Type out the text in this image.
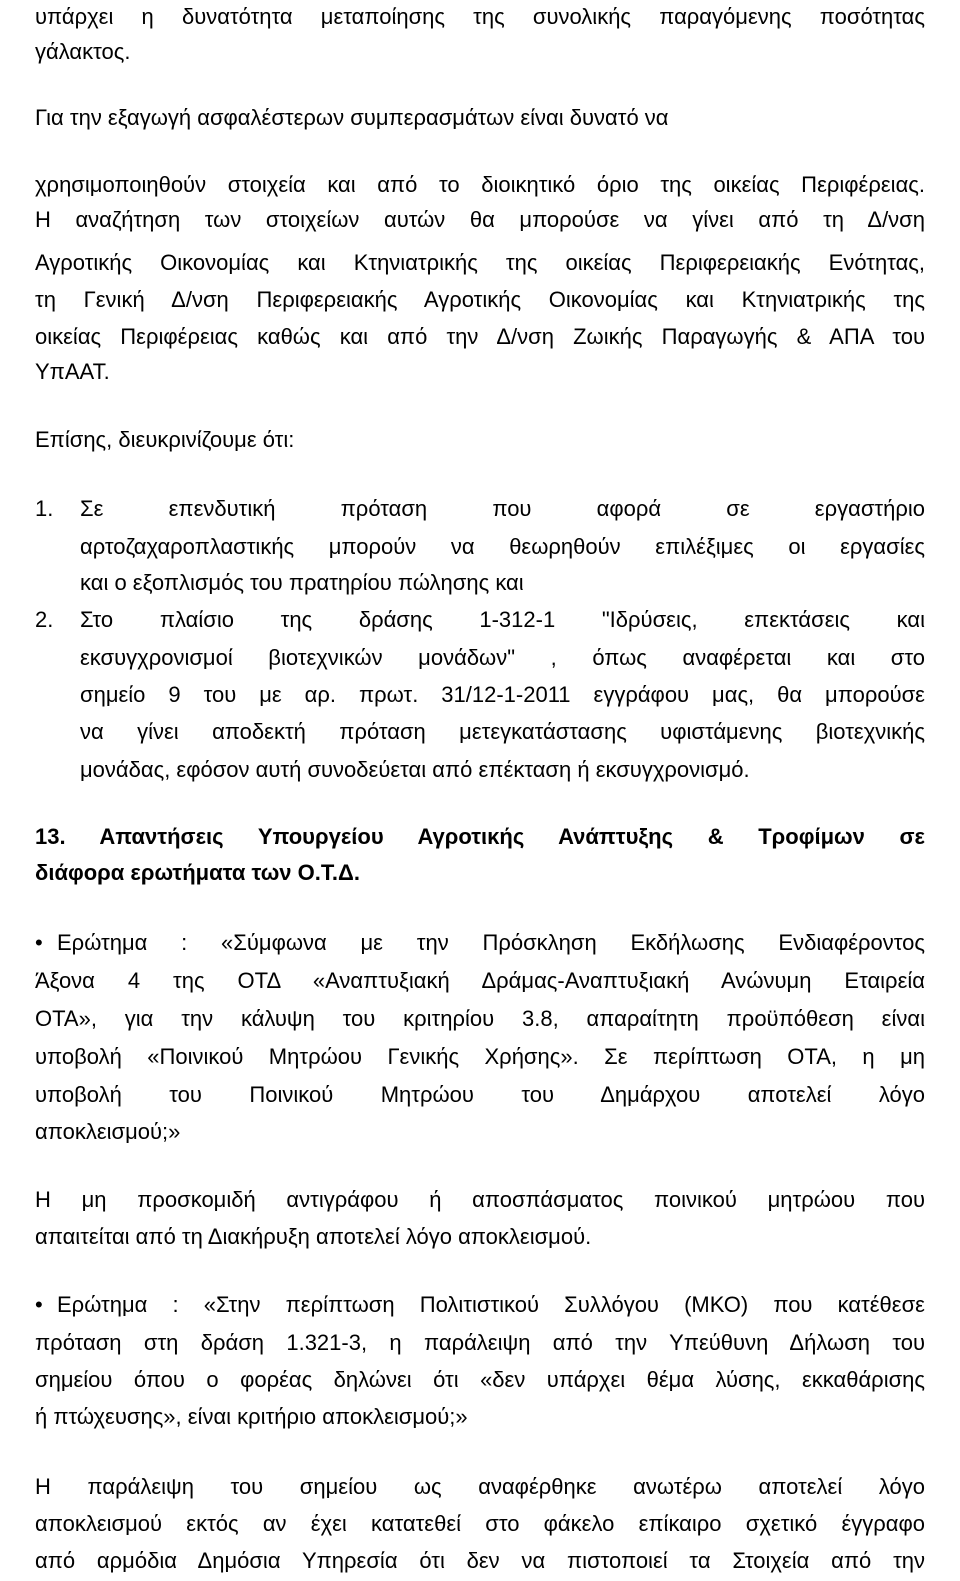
υπάρχει η δυνατότητα μεταποίησης της συνολικής παραγόμενης ποσότητας
γάλακτος.
Για την εξαγωγή ασφαλέστερων συμπερασμάτων είναι δυνατό να
χρησιμοποιηθούν στοιχεία και από το διοικητικό όριο της οικείας Περιφέρειας.
Η αναζήτηση των στοιχείων αυτών θα μπορούσε να γίνει από τη Δ/νση
Αγροτικής Οικονομίας και Κτηνιατρικής της οικείας Περιφερειακής Ενότητας,
τη Γενική Δ/νση Περιφερειακής Αγροτικής Οικονομίας και Κτηνιατρικής της
οικείας Περιφέρειας καθώς και από την Δ/νση Ζωικής Παραγωγής & ΑΠΑ του
ΥπΑΑΤ.
Επίσης, διευκρινίζουμε ότι:
1.	Σε επενδυτική πρόταση που αφορά σε εργαστήριο
αρτοζαχαροπλαστικής μπορούν να θεωρηθούν επιλέξιμες οι εργασίες
και ο εξοπλισμός του πρατηρίου πώλησης και
2.	Στο πλαίσιο της δράσης 1-312-1 "Ιδρύσεις, επεκτάσεις και
εκσυγχρονισμοί βιοτεχνικών μονάδων" , όπως αναφέρεται και στο
σημείο 9 του με αρ. πρωτ. 31/12-1-2011 εγγράφου μας, θα μπορούσε
να γίνει αποδεκτή πρόταση μετεγκατάστασης υφιστάμενης βιοτεχνικής
μονάδας, εφόσον αυτή συνοδεύεται από επέκταση ή εκσυγχρονισμό.
13. Απαντήσεις Υπουργείου Αγροτικής Ανάπτυξης & Τροφίμων σε
διάφορα ερωτήματα των Ο.Τ.Δ.
• Ερώτημα : «Σύμφωνα με την Πρόσκληση Εκδήλωσης Ενδιαφέροντος
Άξονα 4 της ΟΤΔ «Αναπτυξιακή Δράμας-Αναπτυξιακή Ανώνυμη Εταιρεία
ΟΤΑ», για την κάλυψη του κριτηρίου 3.8, απαραίτητη προϋπόθεση είναι
υποβολή «Ποινικού Μητρώου Γενικής Χρήσης». Σε περίπτωση ΟΤΑ, η μη
υποβολή του Ποινικού Μητρώου του Δημάρχου αποτελεί λόγο
αποκλεισμού;»
Η μη προσκομιδή αντιγράφου ή αποσπάσματος ποινικού μητρώου που
απαιτείται από τη Διακήρυξη αποτελεί λόγο αποκλεισμού.
• Ερώτημα : «Στην περίπτωση Πολιτιστικού Συλλόγου (ΜΚΟ) που κατέθεσε
πρόταση στη δράση 1.321-3, η παράλειψη από την Υπεύθυνη Δήλωση του
σημείου όπου ο φορέας δηλώνει ότι «δεν υπάρχει θέμα λύσης, εκκαθάρισης
ή πτώχευσης», είναι κριτήριο αποκλεισμού;»
Η παράλειψη του σημείου ως αναφέρθηκε ανωτέρω αποτελεί λόγο
αποκλεισμού εκτός αν έχει κατατεθεί στο φάκελο επίκαιρο σχετικό έγγραφο
από αρμόδια Δημόσια Υπηρεσία ότι δεν να πιστοποιεί τα Στοιχεία από την
